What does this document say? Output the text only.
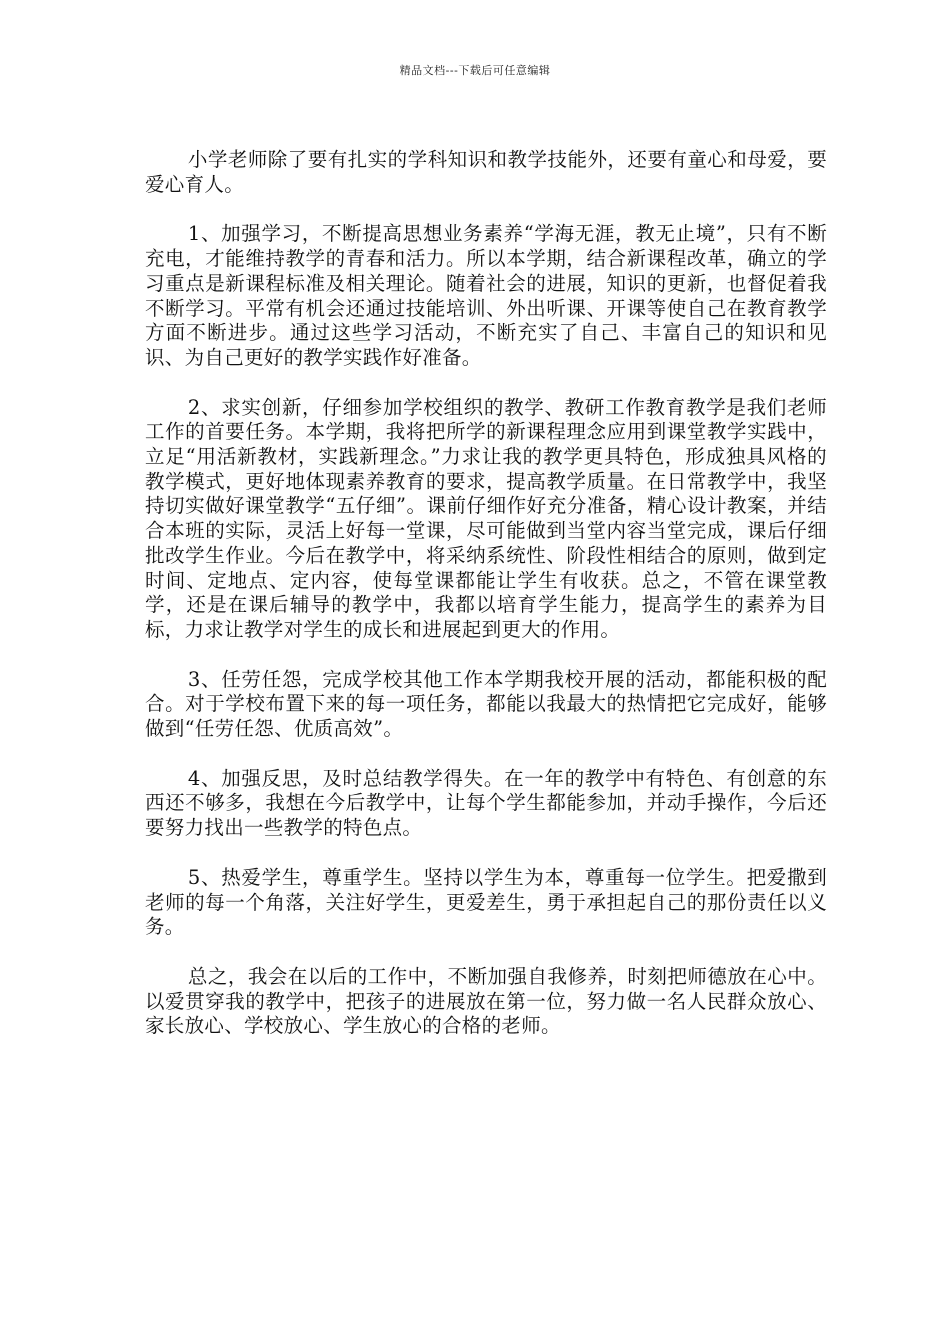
精品文档---下载后可任意编辑

小学老师除了要有扎实的学科知识和教学技能外，还要有童心和母爱，要爱心育人。

1、加强学习，不断提高思想业务素养“学海无涯，教无止境”，只有不断充电，才能维持教学的青春和活力。所以本学期，结合新课程改革，确立的学习重点是新课程标准及相关理论。随着社会的进展，知识的更新，也督促着我不断学习。平常有机会还通过技能培训、外出听课、开课等使自己在教育教学方面不断进步。通过这些学习活动，不断充实了自己、丰富自己的知识和见识、为自己更好的教学实践作好准备。

2、求实创新，仔细参加学校组织的教学、教研工作教育教学是我们老师工作的首要任务。本学期，我将把所学的新课程理念应用到课堂教学实践中，立足“用活新教材，实践新理念。”力求让我的教学更具特色，形成独具风格的教学模式，更好地体现素养教育的要求，提高教学质量。在日常教学中，我坚持切实做好课堂教学“五仔细”。课前仔细作好充分准备，精心设计教案，并结合本班的实际，灵活上好每一堂课，尽可能做到当堂内容当堂完成，课后仔细批改学生作业。今后在教学中，将采纳系统性、阶段性相结合的原则，做到定时间、定地点、定内容，使每堂课都能让学生有收获。总之，不管在课堂教学，还是在课后辅导的教学中，我都以培育学生能力，提高学生的素养为目标，力求让教学对学生的成长和进展起到更大的作用。

3、任劳任怨，完成学校其他工作本学期我校开展的活动，都能积极的配合。对于学校布置下来的每一项任务，都能以我最大的热情把它完成好，能够做到“任劳任怨、优质高效”。

4、加强反思，及时总结教学得失。在一年的教学中有特色、有创意的东西还不够多，我想在今后教学中，让每个学生都能参加，并动手操作，今后还要努力找出一些教学的特色点。

5、热爱学生，尊重学生。坚持以学生为本，尊重每一位学生。把爱撒到老师的每一个角落，关注好学生，更爱差生，勇于承担起自己的那份责任以义务。

总之，我会在以后的工作中，不断加强自我修养，时刻把师德放在心中。以爱贯穿我的教学中，把孩子的进展放在第一位，努力做一名人民群众放心、家长放心、学校放心、学生放心的合格的老师。
